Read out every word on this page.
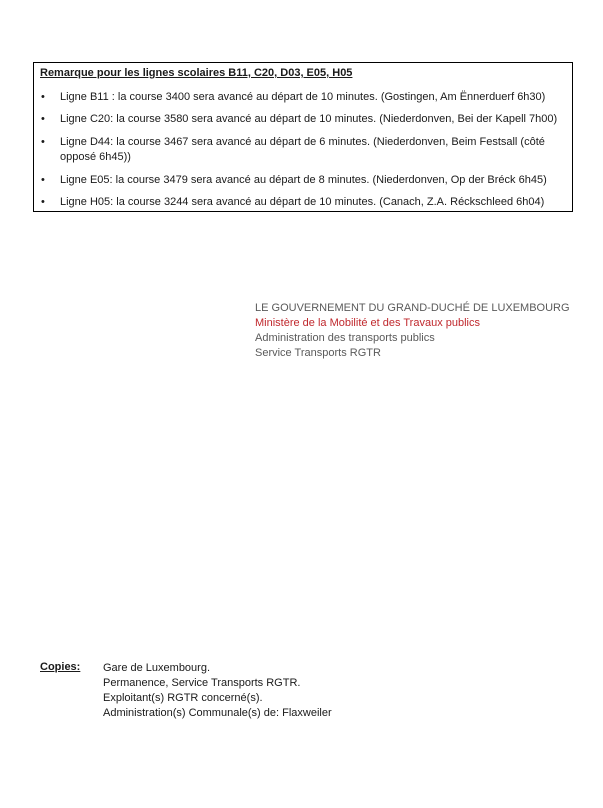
Remarque pour les lignes scolaires B11, C20, D03, E05, H05

• Ligne B11 : la course 3400 sera avancé au départ de 10 minutes. (Gostingen, Am Ënnerduerf 6h30)
• Ligne C20: la course 3580 sera avancé au départ de 10 minutes. (Niederdonven, Bei der Kapell 7h00)
• Ligne D44: la course 3467 sera avancé au départ de 6 minutes. (Niederdonven, Beim Festsall (côté opposé 6h45))
• Ligne E05: la course 3479 sera avancé au départ de 8 minutes. (Niederdonven, Op der Bréck 6h45)
• Ligne H05: la course 3244 sera avancé au départ de 10 minutes. (Canach, Z.A. Réckschleed 6h04)
LE GOUVERNEMENT DU GRAND-DUCHÉ DE LUXEMBOURG
Ministère de la Mobilité et des Travaux publics
Administration des transports publics
Service Transports RGTR
Copies: Gare de Luxembourg.
Permanence, Service Transports RGTR.
Exploitant(s) RGTR concerné(s).
Administration(s) Communale(s) de: Flaxweiler
